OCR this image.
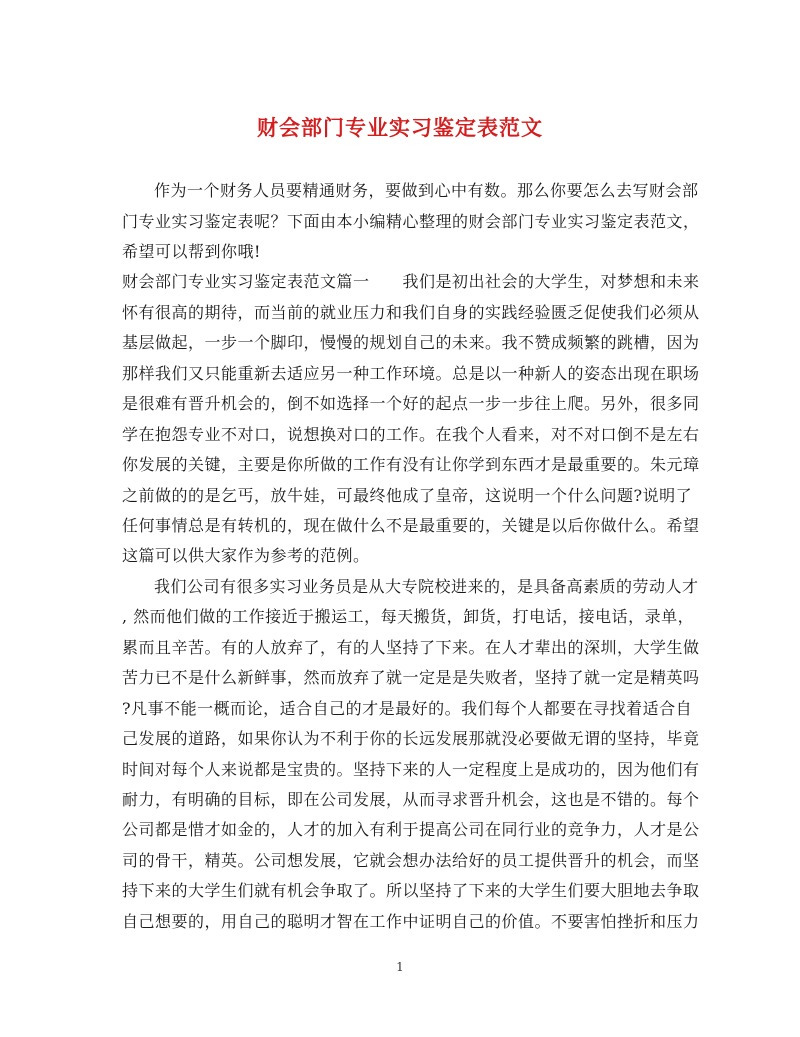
财会部门专业实习鉴定表范文
作为一个财务人员要精通财务，要做到心中有数。那么你要怎么去写财会部
门专业实习鉴定表呢？下面由本小编精心整理的财会部门专业实习鉴定表范文，
希望可以帮到你哦!
财会部门专业实习鉴定表范文篇一　　我们是初出社会的大学生，对梦想和未来
怀有很高的期待，而当前的就业压力和我们自身的实践经验匮乏促使我们必须从
基层做起，一步一个脚印，慢慢的规划自己的未来。我不赞成频繁的跳槽，因为
那样我们又只能重新去适应另一种工作环境。总是以一种新人的姿态出现在职场
是很难有晋升机会的，倒不如选择一个好的起点一步一步往上爬。另外，很多同
学在抱怨专业不对口，说想换对口的工作。在我个人看来，对不对口倒不是左右
你发展的关键，主要是你所做的工作有没有让你学到东西才是最重要的。朱元璋
之前做的的是乞丐，放牛娃，可最终他成了皇帝，这说明一个什么问题?说明了
任何事情总是有转机的，现在做什么不是最重要的，关键是以后你做什么。希望
这篇可以供大家作为参考的范例。
我们公司有很多实习业务员是从大专院校进来的，是具备高素质的劳动人才
, 然而他们做的工作接近于搬运工，每天搬货，卸货，打电话，接电话，录单，
累而且辛苦。有的人放弃了，有的人坚持了下来。在人才辈出的深圳，大学生做
苦力已不是什么新鲜事，然而放弃了就一定是是失败者，坚持了就一定是精英吗
?凡事不能一概而论，适合自己的才是最好的。我们每个人都要在寻找着适合自
己发展的道路，如果你认为不利于你的长远发展那就没必要做无谓的坚持，毕竟
时间对每个人来说都是宝贵的。坚持下来的人一定程度上是成功的，因为他们有
耐力，有明确的目标，即在公司发展，从而寻求晋升机会，这也是不错的。每个
公司都是惜才如金的，人才的加入有利于提高公司在同行业的竞争力，人才是公
司的骨干，精英。公司想发展，它就会想办法给好的员工提供晋升的机会，而坚
持下来的大学生们就有机会争取了。所以坚持了下来的大学生们要大胆地去争取
自己想要的，用自己的聪明才智在工作中证明自己的价值。不要害怕挫折和压力
1
